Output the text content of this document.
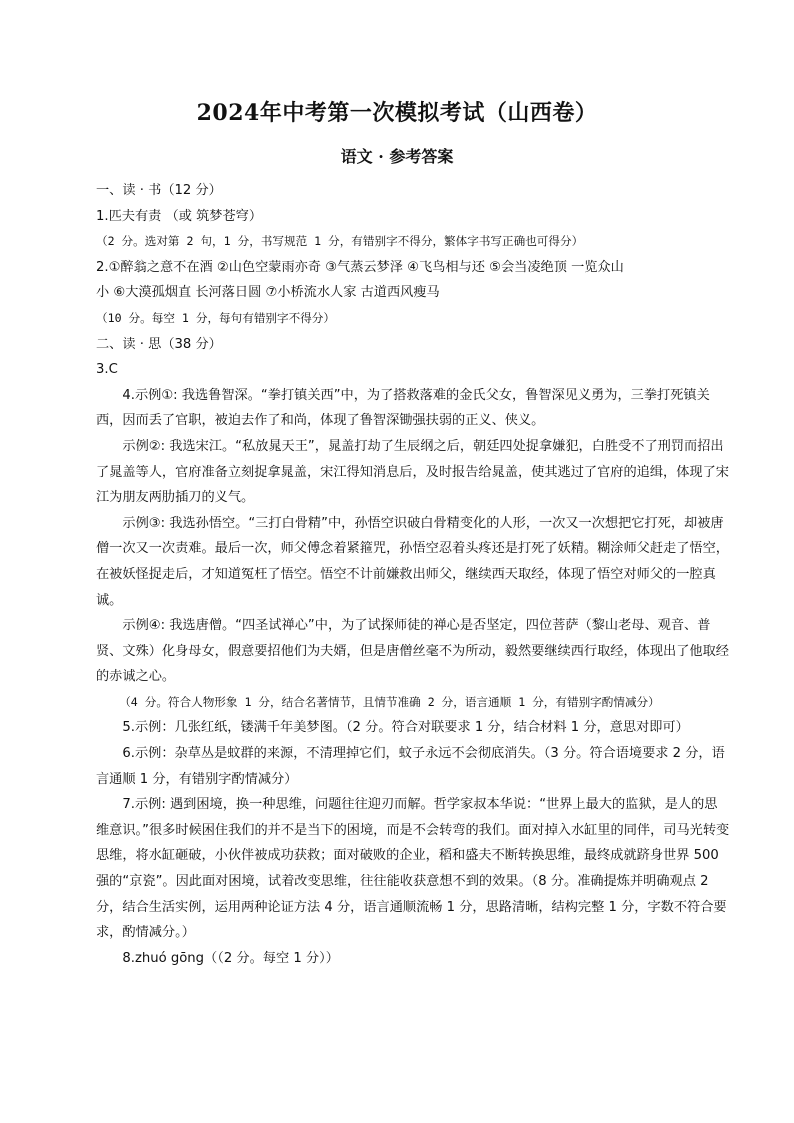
2024年中考第一次模拟考试（山西卷）
语文 · 参考答案

一、读 · 书（12 分）

1.匹夫有责 （或 筑梦苍穹）

（2 分。选对第 2 句，1 分，书写规范 1 分，有错别字不得分，繁体字书写正确也可得分）

2.①醉翁之意不在酒 ②山色空蒙雨亦奇 ③气蒸云梦泽 ④飞鸟相与还 ⑤会当凌绝顶 一览众山

小 ⑥大漠孤烟直 长河落日圆 ⑦小桥流水人家 古道西风瘦马

（10 分。每空 1 分，每句有错别字不得分）

二、读 · 思（38 分）

3.C

4.示例①: 我选鲁智深。“拳打镇关西”中，为了搭救落难的金氏父女，鲁智深见义勇为，三拳打死镇关西，因而丢了官职，被迫去作了和尚，体现了鲁智深锄强扶弱的正义、侠义。

示例②: 我选宋江。“私放晁天王”，晁盖打劫了生辰纲之后，朝廷四处捉拿嫌犯，白胜受不了刑罚而招出了晁盖等人，官府准备立刻捉拿晁盖，宋江得知消息后，及时报告给晁盖，使其逃过了官府的追缉，体现了宋江为朋友两肋插刀的义气。

示例③: 我选孙悟空。“三打白骨精”中，孙悟空识破白骨精变化的人形，一次又一次想把它打死，却被唐僧一次又一次责难。最后一次，师父傅念着紧箍咒，孙悟空忍着头疼还是打死了妖精。糊涂师父赶走了悟空，在被妖怪捉走后，才知道冤枉了悟空。悟空不计前嫌救出师父，继续西天取经，体现了悟空对师父的一腔真诚。

示例④: 我选唐僧。“四圣试禅心”中，为了试探师徒的禅心是否坚定，四位菩萨（黎山老母、观音、普贤、文殊）化身母女，假意要招他们为夫婿，但是唐僧丝毫不为所动，毅然要继续西行取经，体现出了他取经的赤诚之心。

（4 分。符合人物形象 1 分，结合名著情节，且情节准确 2 分，语言通顺 1 分，有错别字酌情减分）

5.示例：几张红纸，镂满千年美梦图。（2 分。符合对联要求 1 分，结合材料 1 分，意思对即可）

6.示例：杂草丛是蚊群的来源，不清理掉它们，蚊子永远不会彻底消失。（3 分。符合语境要求 2 分，语言通顺 1 分，有错别字酌情减分）

7.示例: 遇到困境，换一种思维，问题往往迎刃而解。哲学家叔本华说：“世界上最大的监狱，是人的思维意识。”很多时候困住我们的并不是当下的困境，而是不会转弯的我们。面对掉入水缸里的同伴，司马光转变思维，将水缸砸破，小伙伴被成功获救；面对破败的企业，稻和盛夫不断转换思维，最终成就跻身世界 500 强的“京瓷”。因此面对困境，试着改变思维，往往能收获意想不到的效果。（8 分。准确提炼并明确观点 2 分，结合生活实例，运用两种论证方法 4 分，语言通顺流畅 1 分，思路清晰，结构完整 1 分，字数不符合要求，酌情减分。）

8.zhuó gōng（（2 分。每空 1 分））
